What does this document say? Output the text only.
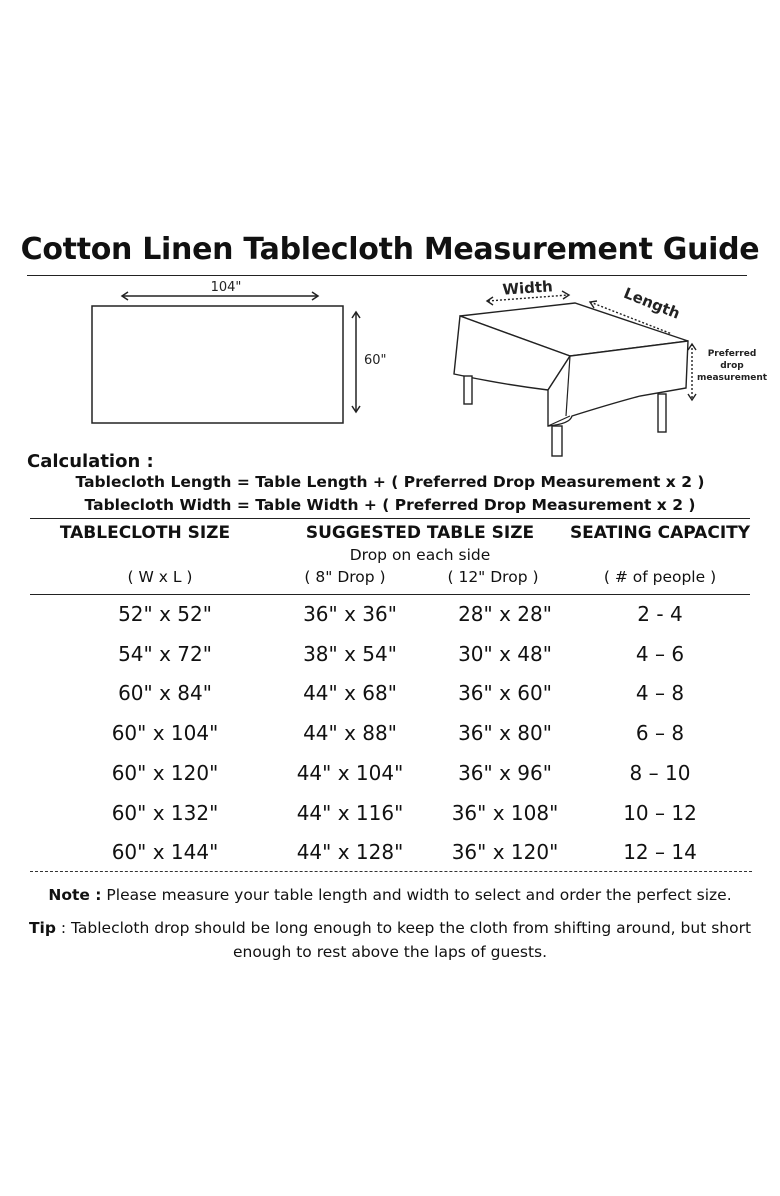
Cotton Linen Tablecloth Measurement Guide
104"
60"
Width	Length
Preferred
drop
measurement
Calculation :
Tablecloth Length = Table Length + ( Preferred Drop Measurement x 2 )
Tablecloth Width = Table Width + ( Preferred Drop Measurement x 2 )
TABLECLOTH SIZE	SUGGESTED TABLE SIZE	SEATING CAPACITY
Drop on each side
( W x L )	( 8" Drop )	( 12" Drop )	( # of people )
52" x 52"	36" x 36"	28" x 28"	2 - 4
54" x 72"	38" x 54"	30" x 48"	4 – 6
60" x 84"	44" x 68"	36" x 60"	4 – 8
60" x 104"	44" x 88"	36" x 80"	6 – 8
60" x 120"	44" x 104"	36" x 96"	8 – 10
60" x 132"	44" x 116"	36" x 108"	10 – 12
60" x 144"	44" x 128"	36" x 120"	12 – 14
Note : Please measure your table length and width to select and order the perfect size.
Tip : Tablecloth drop should be long enough to keep the cloth from shifting around, but short enough to rest above the laps of guests.
